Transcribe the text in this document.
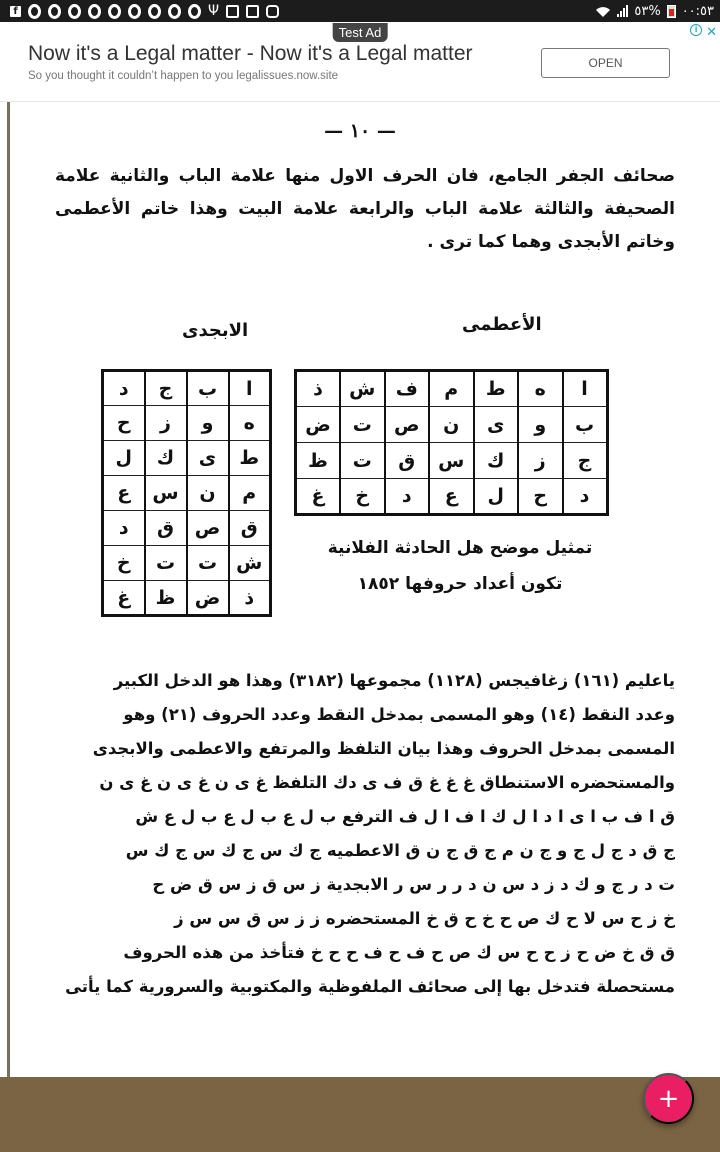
f	Ψ	٥٣% ٠٠:٥٣
Test Ad
Now it's a Legal matter - Now it's a Legal matter
So you thought it couldn’t happen to you legalissues.now.site
OPEN
i ✕
— ١٠ —

صحائف الجفر الجامع، فان الحرف الاول منها علامة الباب والثانية علامة الصحيفة والثالثة علامة الباب والرابعة علامة البيت وهذا خاتم الأعطمى وخاتم الأبجدى وهما كما ترى .

الأعطمى
الابجدى
ا	ه	ط	م	ف	ش	ذ
ب	و	ى	ن	ص	ت	ض
ج	ز	ك	س	ق	ت	ظ
د	ح	ل	ع	د	خ	غ
ا	ب	ج	د
ه	و	ز	ح
ط	ى	ك	ل
م	ن	س	ع
ق	ص	ق	د
ش	ت	ت	خ
ذ	ض	ظ	غ
تمثيل موضح هل الحادثة الفلانية
تكون أعداد حروفها ١٨٥٢
ياعليم (١٦١) زغافيجس (١١٢٨) مجموعها (٣١٨٢) وهذا هو الدخل الكبير
وعدد النقط (١٤) وهو المسمى بمدخل النقط وعدد الحروف (٢١) وهو
المسمى بمدخل الحروف وهذا بيان التلفظ والمرتفع والاعطمى والابجدى
والمستحضره الاستنطاق غ غ غ ق ف ى دك التلفظ غ ى ن غ ى ن غ ى ن
ق ا ف ب ا ى ا د ا ل ك ا ف ا ل ف الترفع ب ل ع ب ل ع ب ل ع ش
ج ق د ج ل ج و ج ن م ج ق ج ن ق الاعطميه ج ك س ج ك س ج ك س
ت د ر ج و ك د ز د س ن د ر ر س ر الابجدية ز س ق ز س ق ض ح
خ ز ح س لا ح ك ص ح خ ح ق خ المستحضره ز ز س ق س س ز
ق ق خ ض ح ز ح ح س ك ص ح ف ح ف ح ح خ فتأخذ من هذه الحروف
مستحصلة فتدخل بها إلى صحائف الملفوظية والمكتوبية والسرورية كما يأتى
+
